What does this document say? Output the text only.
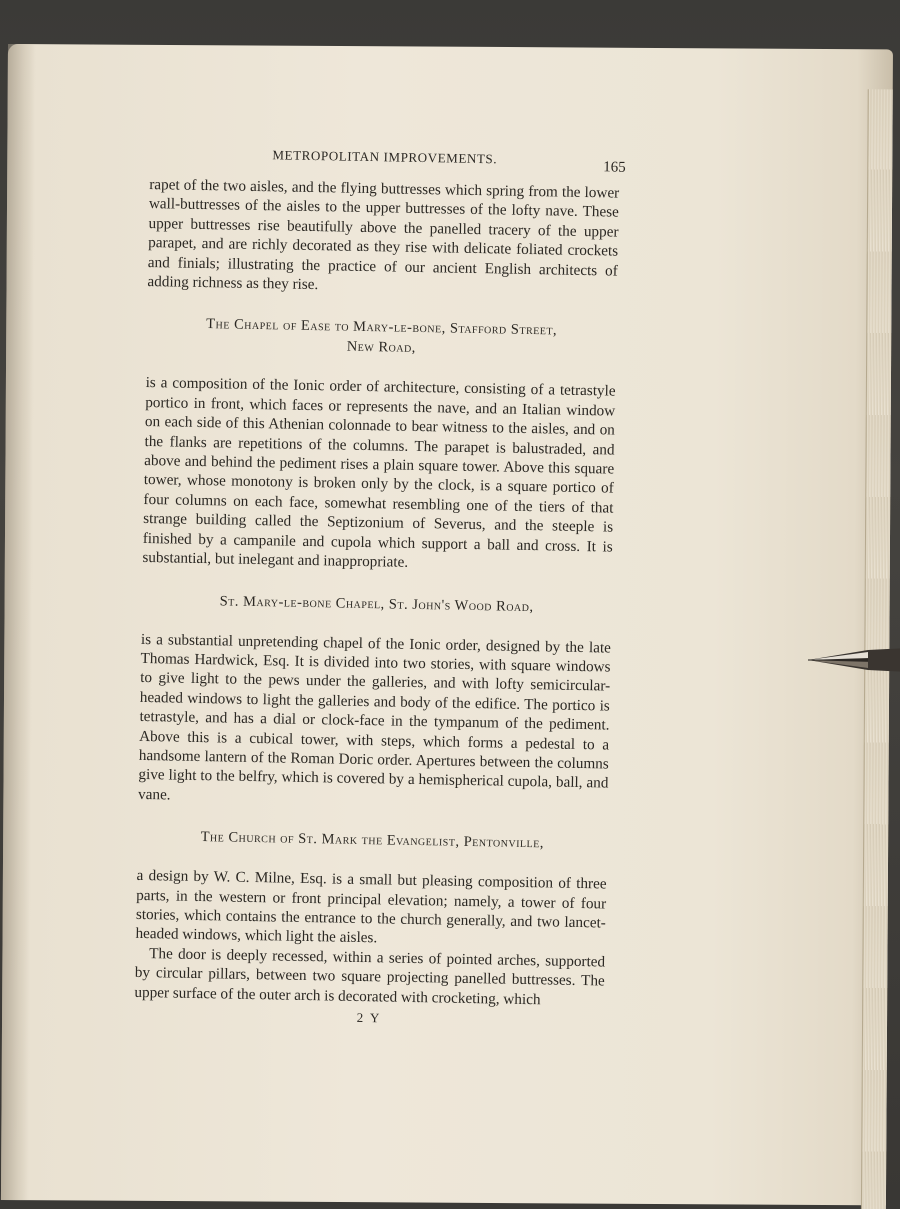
METROPOLITAN IMPROVEMENTS.
165

rapet of the two aisles, and the flying buttresses which spring from the lower wall-buttresses of the aisles to the upper buttresses of the lofty nave. These upper buttresses rise beautifully above the panelled tracery of the upper parapet, and are richly decorated as they rise with delicate foliated crockets and finials; illustrating the practice of our ancient English architects of adding richness as they rise.

The Chapel of Ease to Mary-le-bone, Stafford Street,
New Road,

is a composition of the Ionic order of architecture, consisting of a tetrastyle portico in front, which faces or represents the nave, and an Italian window on each side of this Athenian colonnade to bear witness to the aisles, and on the flanks are repetitions of the columns. The parapet is balustraded, and above and behind the pediment rises a plain square tower. Above this square tower, whose monotony is broken only by the clock, is a square portico of four columns on each face, somewhat resembling one of the tiers of that strange building called the Septizonium of Severus, and the steeple is finished by a campanile and cupola which support a ball and cross. It is substantial, but inelegant and inappropriate.

St. Mary-le-bone Chapel, St. John's Wood Road,

is a substantial unpretending chapel of the Ionic order, designed by the late Thomas Hardwick, Esq. It is divided into two stories, with square windows to give light to the pews under the galleries, and with lofty semicircular-headed windows to light the galleries and body of the edifice. The portico is tetrastyle, and has a dial or clock-face in the tympanum of the pediment. Above this is a cubical tower, with steps, which forms a pedestal to a handsome lantern of the Roman Doric order. Apertures between the columns give light to the belfry, which is covered by a hemispherical cupola, ball, and vane.

The Church of St. Mark the Evangelist, Pentonville,

a design by W. C. Milne, Esq. is a small but pleasing composition of three parts, in the western or front principal elevation; namely, a tower of four stories, which contains the entrance to the church generally, and two lancet-headed windows, which light the aisles.

The door is deeply recessed, within a series of pointed arches, supported by circular pillars, between two square projecting panelled buttresses. The upper surface of the outer arch is decorated with crocketing, which

2 Y
